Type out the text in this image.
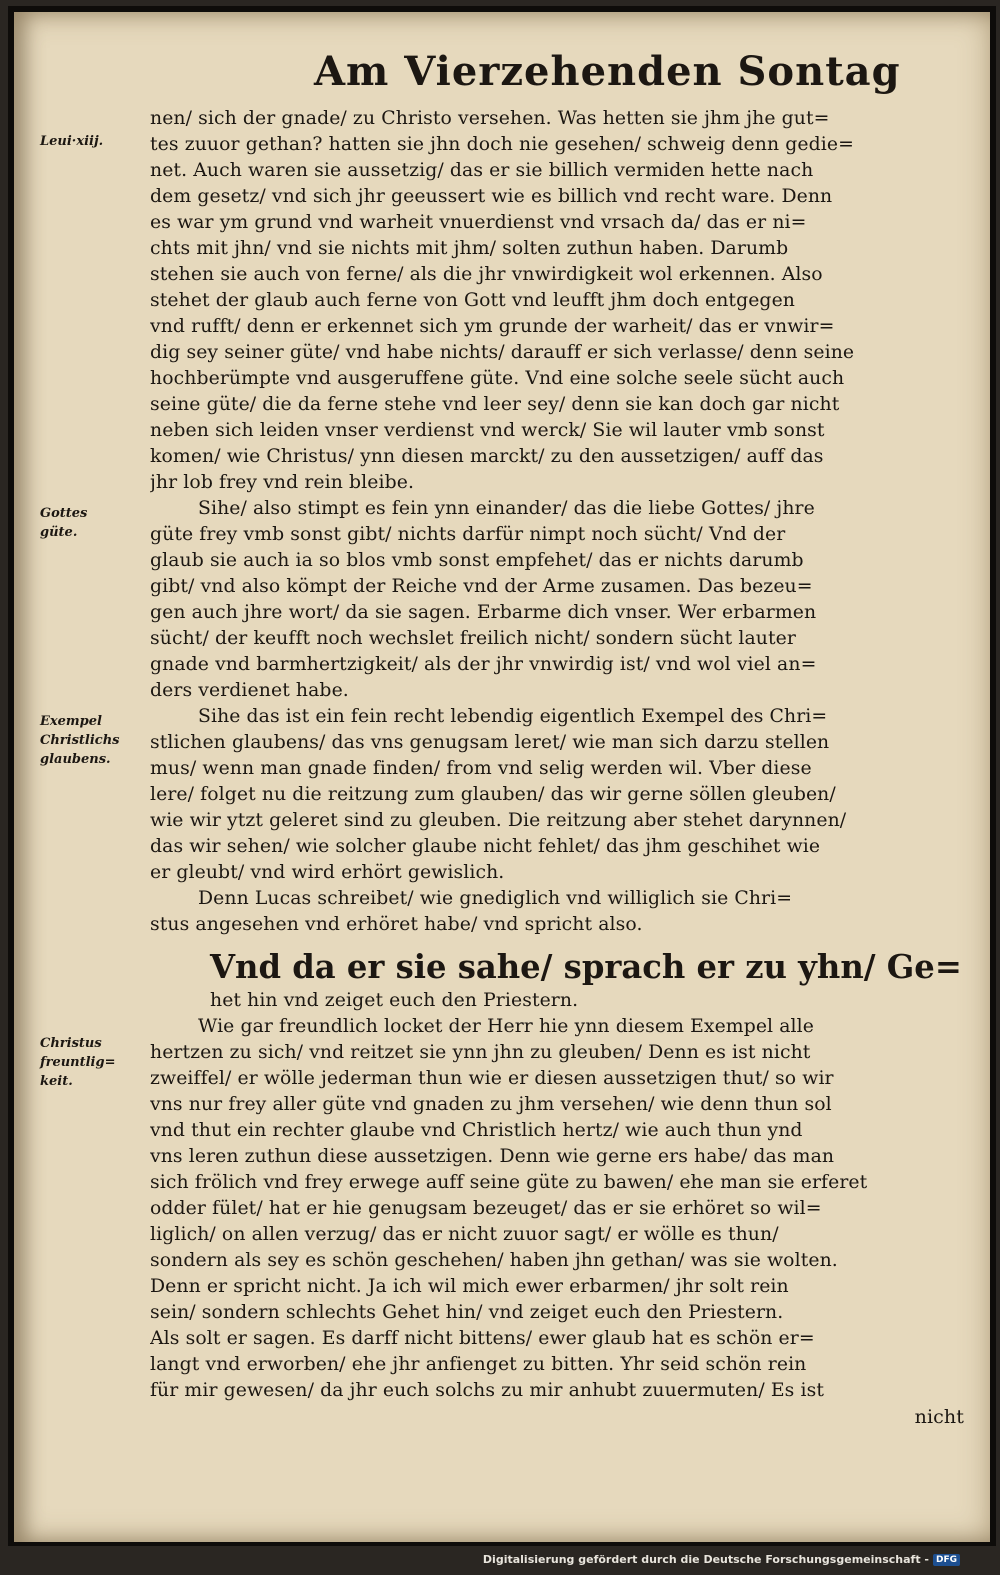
Am Vierzehenden Sontag
Leui·xiij.
Gottes
güte.
Exempel
Christlichs
glaubens.
Christus
freuntlig=
keit.
nen/ sich der gnade/ zu Christo versehen. Was hetten sie jhm jhe gut=
tes zuuor gethan? hatten sie jhn doch nie gesehen/ schweig denn gedie=
net. Auch waren sie aussetzig/ das er sie billich vermiden hette nach
dem gesetz/ vnd sich jhr geeussert wie es billich vnd recht ware. Denn
es war ym grund vnd warheit vnuerdienst vnd vrsach da/ das er ni=
chts mit jhn/ vnd sie nichts mit jhm/ solten zuthun haben. Darumb
stehen sie auch von ferne/ als die jhr vnwirdigkeit wol erkennen. Also
stehet der glaub auch ferne von Gott vnd leufft jhm doch entgegen
vnd rufft/ denn er erkennet sich ym grunde der warheit/ das er vnwir=
dig sey seiner güte/ vnd habe nichts/ darauff er sich verlasse/ denn seine
hochberümpte vnd ausgeruffene güte. Vnd eine solche seele sücht auch
seine güte/ die da ferne stehe vnd leer sey/ denn sie kan doch gar nicht
neben sich leiden vnser verdienst vnd werck/ Sie wil lauter vmb sonst
komen/ wie Christus/ ynn diesen marckt/ zu den aussetzigen/ auff das
jhr lob frey vnd rein bleibe.
Sihe/ also stimpt es fein ynn einander/ das die liebe Gottes/ jhre
güte frey vmb sonst gibt/ nichts darfür nimpt noch sücht/ Vnd der
glaub sie auch ia so blos vmb sonst empfehet/ das er nichts darumb
gibt/ vnd also kömpt der Reiche vnd der Arme zusamen. Das bezeu=
gen auch jhre wort/ da sie sagen. Erbarme dich vnser. Wer erbarmen
sücht/ der keufft noch wechslet freilich nicht/ sondern sücht lauter
gnade vnd barmhertzigkeit/ als der jhr vnwirdig ist/ vnd wol viel an=
ders verdienet habe.
Sihe das ist ein fein recht lebendig eigentlich Exempel des Chri=
stlichen glaubens/ das vns genugsam leret/ wie man sich darzu stellen
mus/ wenn man gnade finden/ from vnd selig werden wil. Vber diese
lere/ folget nu die reitzung zum glauben/ das wir gerne söllen gleuben/
wie wir ytzt geleret sind zu gleuben. Die reitzung aber stehet darynnen/
das wir sehen/ wie solcher glaube nicht fehlet/ das jhm geschihet wie
er gleubt/ vnd wird erhört gewislich.
Denn Lucas schreibet/ wie gnediglich vnd williglich sie Chri=
stus angesehen vnd erhöret habe/ vnd spricht also.
Vnd da er sie sahe/ sprach er zu yhn/ Ge=
het hin vnd zeiget euch den Priestern.
Wie gar freundlich locket der Herr hie ynn diesem Exempel alle
hertzen zu sich/ vnd reitzet sie ynn jhn zu gleuben/ Denn es ist nicht
zweiffel/ er wölle jederman thun wie er diesen aussetzigen thut/ so wir
vns nur frey aller güte vnd gnaden zu jhm versehen/ wie denn thun sol
vnd thut ein rechter glaube vnd Christlich hertz/ wie auch thun ynd
vns leren zuthun diese aussetzigen. Denn wie gerne ers habe/ das man
sich frölich vnd frey erwege auff seine güte zu bawen/ ehe man sie erferet
odder fület/ hat er hie genugsam bezeuget/ das er sie erhöret so wil=
liglich/ on allen verzug/ das er nicht zuuor sagt/ er wölle es thun/
sondern als sey es schön geschehen/ haben jhn gethan/ was sie wolten.
Denn er spricht nicht. Ja ich wil mich ewer erbarmen/ jhr solt rein
sein/ sondern schlechts Gehet hin/ vnd zeiget euch den Priestern.
Als solt er sagen. Es darff nicht bittens/ ewer glaub hat es schön er=
langt vnd erworben/ ehe jhr anfienget zu bitten. Yhr seid schön rein
für mir gewesen/ da jhr euch solchs zu mir anhubt zuuermuten/ Es ist
nicht
Digitalisierung gefördert durch die Deutsche Forschungsgemeinschaft - DFG
